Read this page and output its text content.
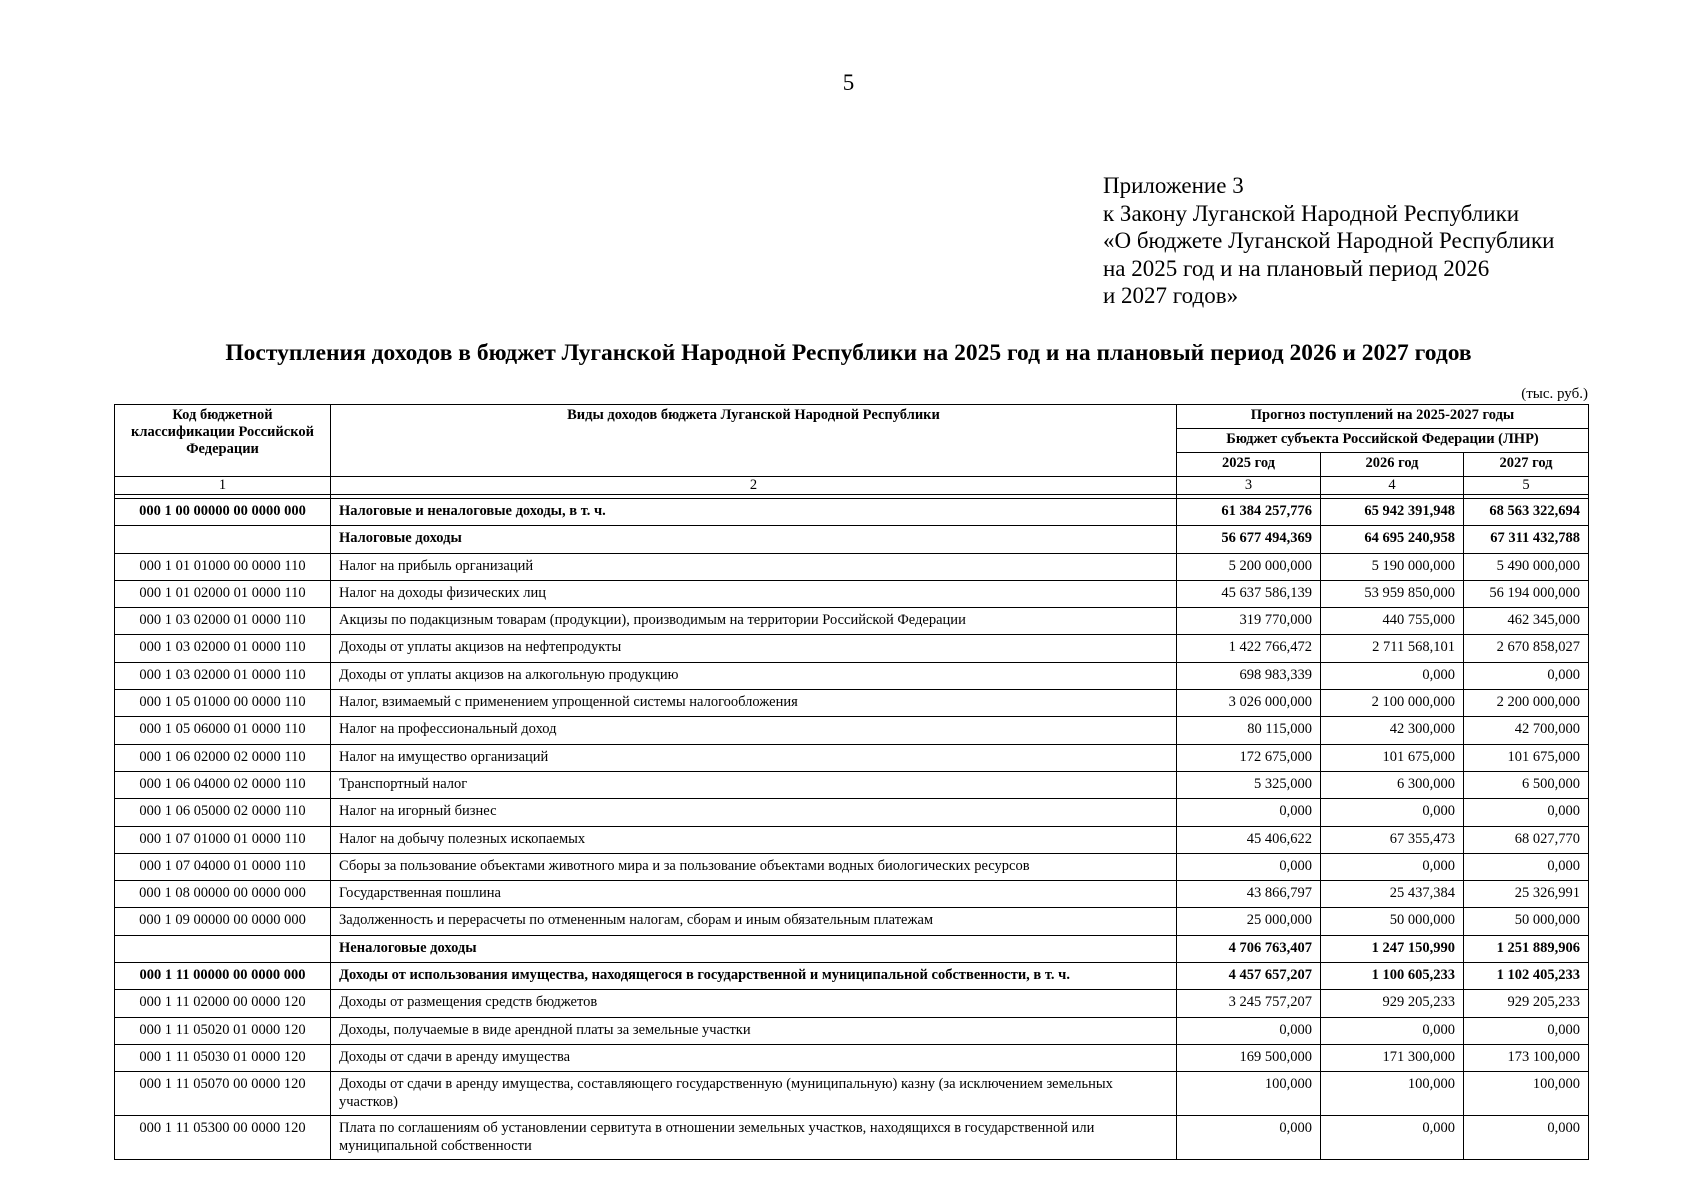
5
Приложение 3
к Закону Луганской Народной Республики
«О бюджете Луганской Народной Республики
на 2025 год и на плановый период 2026
и 2027 годов»
Поступления доходов в бюджет Луганской Народной Республики на 2025 год и на плановый период 2026 и 2027 годов
(тыс. руб.)
Код бюджетной классификации Российской Федерации	Виды доходов бюджета Луганской Народной Республики	Прогноз поступлений на 2025-2027 годы		
		Бюджет субъекта Российской Федерации (ЛНР)		
		2025 год	2026 год	2027 год
1	2	3	4	5

000 1 00 00000 00 0000 000	Налоговые и неналоговые доходы, в т. ч.	61 384 257,776	65 942 391,948	68 563 322,694
	Налоговые доходы	56 677 494,369	64 695 240,958	67 311 432,788
000 1 01 01000 00 0000 110	Налог на прибыль организаций	5 200 000,000	5 190 000,000	5 490 000,000
000 1 01 02000 01 0000 110	Налог на доходы физических лиц	45 637 586,139	53 959 850,000	56 194 000,000
000 1 03 02000 01 0000 110	Акцизы по подакцизным товарам (продукции), производимым на территории Российской Федерации	319 770,000	440 755,000	462 345,000
000 1 03 02000 01 0000 110	Доходы от уплаты акцизов на нефтепродукты	1 422 766,472	2 711 568,101	2 670 858,027
000 1 03 02000 01 0000 110	Доходы от уплаты акцизов на алкогольную продукцию	698 983,339	0,000	0,000
000 1 05 01000 00 0000 110	Налог, взимаемый с применением упрощенной системы налогообложения	3 026 000,000	2 100 000,000	2 200 000,000
000 1 05 06000 01 0000 110	Налог на профессиональный доход	80 115,000	42 300,000	42 700,000
000 1 06 02000 02 0000 110	Налог на имущество организаций	172 675,000	101 675,000	101 675,000
000 1 06 04000 02 0000 110	Транспортный налог	5 325,000	6 300,000	6 500,000
000 1 06 05000 02 0000 110	Налог на игорный бизнес	0,000	0,000	0,000
000 1 07 01000 01 0000 110	Налог на добычу полезных ископаемых	45 406,622	67 355,473	68 027,770
000 1 07 04000 01 0000 110	Сборы за пользование объектами животного мира и за пользование объектами водных биологических ресурсов	0,000	0,000	0,000
000 1 08 00000 00 0000 000	Государственная пошлина	43 866,797	25 437,384	25 326,991
000 1 09 00000 00 0000 000	Задолженность и перерасчеты по отмененным налогам, сборам и иным обязательным платежам	25 000,000	50 000,000	50 000,000
	Неналоговые доходы	4 706 763,407	1 247 150,990	1 251 889,906
000 1 11 00000 00 0000 000	Доходы от использования имущества, находящегося в государственной и муниципальной собственности, в т. ч.	4 457 657,207	1 100 605,233	1 102 405,233
000 1 11 02000 00 0000 120	Доходы от размещения средств бюджетов	3 245 757,207	929 205,233	929 205,233
000 1 11 05020 01 0000 120	Доходы, получаемые в виде арендной платы за земельные участки	0,000	0,000	0,000
000 1 11 05030 01 0000 120	Доходы от сдачи в аренду имущества	169 500,000	171 300,000	173 100,000
000 1 11 05070 00 0000 120	Доходы от сдачи в аренду имущества, составляющего государственную (муниципальную) казну (за исключением земельных участков)	100,000	100,000	100,000
000 1 11 05300 00 0000 120	Плата по соглашениям об установлении сервитута в отношении земельных участков, находящихся в государственной или муниципальной собственности	0,000	0,000	0,000
